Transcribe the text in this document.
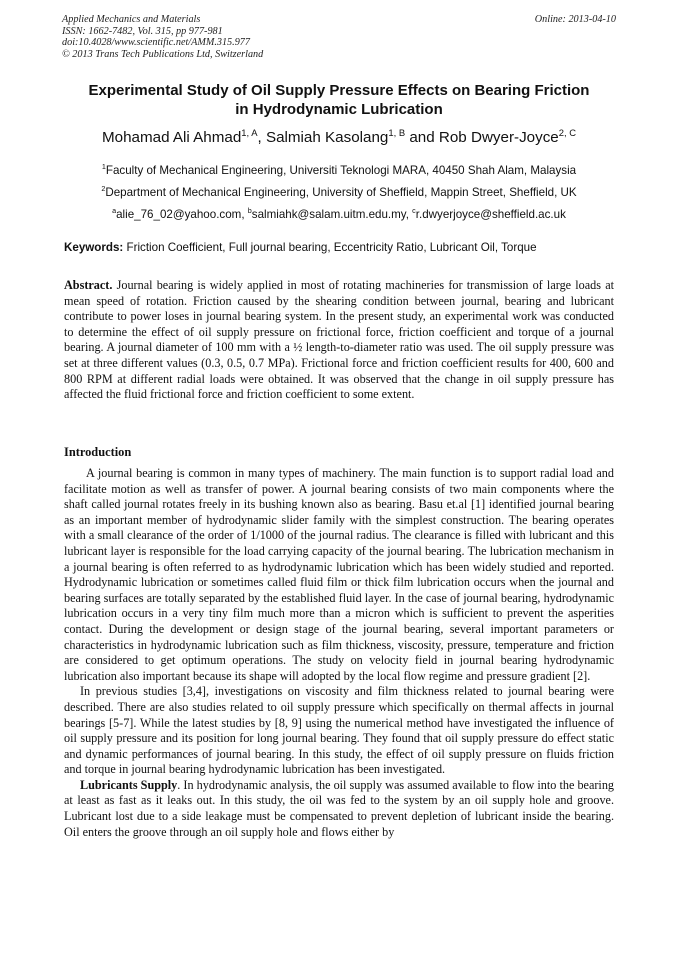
Applied Mechanics and Materials
ISSN: 1662-7482, Vol. 315, pp 977-981
doi:10.4028/www.scientific.net/AMM.315.977
© 2013 Trans Tech Publications Ltd, Switzerland
Online: 2013-04-10
Experimental Study of Oil Supply Pressure Effects on Bearing Friction
in Hydrodynamic Lubrication
Mohamad Ali Ahmad$^{1, A}$, Salmiah Kasolang$^{1, B}$ and Rob Dwyer-Joyce$^{2, C}$
$^1$Faculty of Mechanical Engineering, Universiti Teknologi MARA, 40450 Shah Alam, Malaysia
$^2$Department of Mechanical Engineering, University of Sheffield, Mappin Street, Sheffield, UK
$^a$alie_76_02@yahoo.com, $^b$salmiahk@salam.uitm.edu.my, $^c$r.dwyerjoyce@sheffield.ac.uk
Keywords: Friction Coefficient, Full journal bearing, Eccentricity Ratio, Lubricant Oil, Torque
Abstract. Journal bearing is widely applied in most of rotating machineries for transmission of large loads at mean speed of rotation. Friction caused by the shearing condition between journal, bearing and lubricant contribute to power loses in journal bearing system. In the present study, an experimental work was conducted to determine the effect of oil supply pressure on frictional force, friction coefficient and torque of a journal bearing. A journal diameter of 100 mm with a ½ length-to-diameter ratio was used. The oil supply pressure was set at three different values (0.3, 0.5, 0.7 MPa). Frictional force and friction coefficient results for 400, 600 and 800 RPM at different radial loads were obtained. It was observed that the change in oil supply pressure has affected the fluid frictional force and friction coefficient to some extent.
Introduction

A journal bearing is common in many types of machinery. The main function is to support radial load and facilitate motion as well as transfer of power. A journal bearing consists of two main components where the shaft called journal rotates freely in its bushing known also as bearing. Basu et.al [1] identified journal bearing as an important member of hydrodynamic slider family with the simplest construction. The bearing operates with a small clearance of the order of 1/1000 of the journal radius. The clearance is filled with lubricant and this lubricant layer is responsible for the load carrying capacity of the journal bearing. The lubrication mechanism in a journal bearing is often referred to as hydrodynamic lubrication which has been widely studied and reported. Hydrodynamic lubrication or sometimes called fluid film or thick film lubrication occurs when the journal and bearing surfaces are totally separated by the established fluid layer. In the case of journal bearing, hydrodynamic lubrication occurs in a very tiny film much more than a micron which is sufficient to prevent the asperities contact. During the development or design stage of the journal bearing, several important parameters or characteristics in hydrodynamic lubrication such as film thickness, viscosity, pressure, temperature and friction are considered to get optimum operations. The study on velocity field in journal bearing hydrodynamic lubrication also important because its shape will adopted by the local flow regime and pressure gradient [2].

In previous studies [3,4], investigations on viscosity and film thickness related to journal bearing were described. There are also studies related to oil supply pressure which specifically on thermal affects in journal bearings [5-7]. While the latest studies by [8, 9] using the numerical method have investigated the influence of oil supply pressure and its position for long journal bearing. They found that oil supply pressure do effect static and dynamic performances of journal bearing. In this study, the effect of oil supply pressure on fluids friction and torque in journal bearing hydrodynamic lubrication has been investigated.

Lubricants Supply. In hydrodynamic analysis, the oil supply was assumed available to flow into the bearing at least as fast as it leaks out. In this study, the oil was fed to the system by an oil supply hole and groove. Lubricant lost due to a side leakage must be compensated to prevent depletion of lubricant inside the bearing. Oil enters the groove through an oil supply hole and flows either by
